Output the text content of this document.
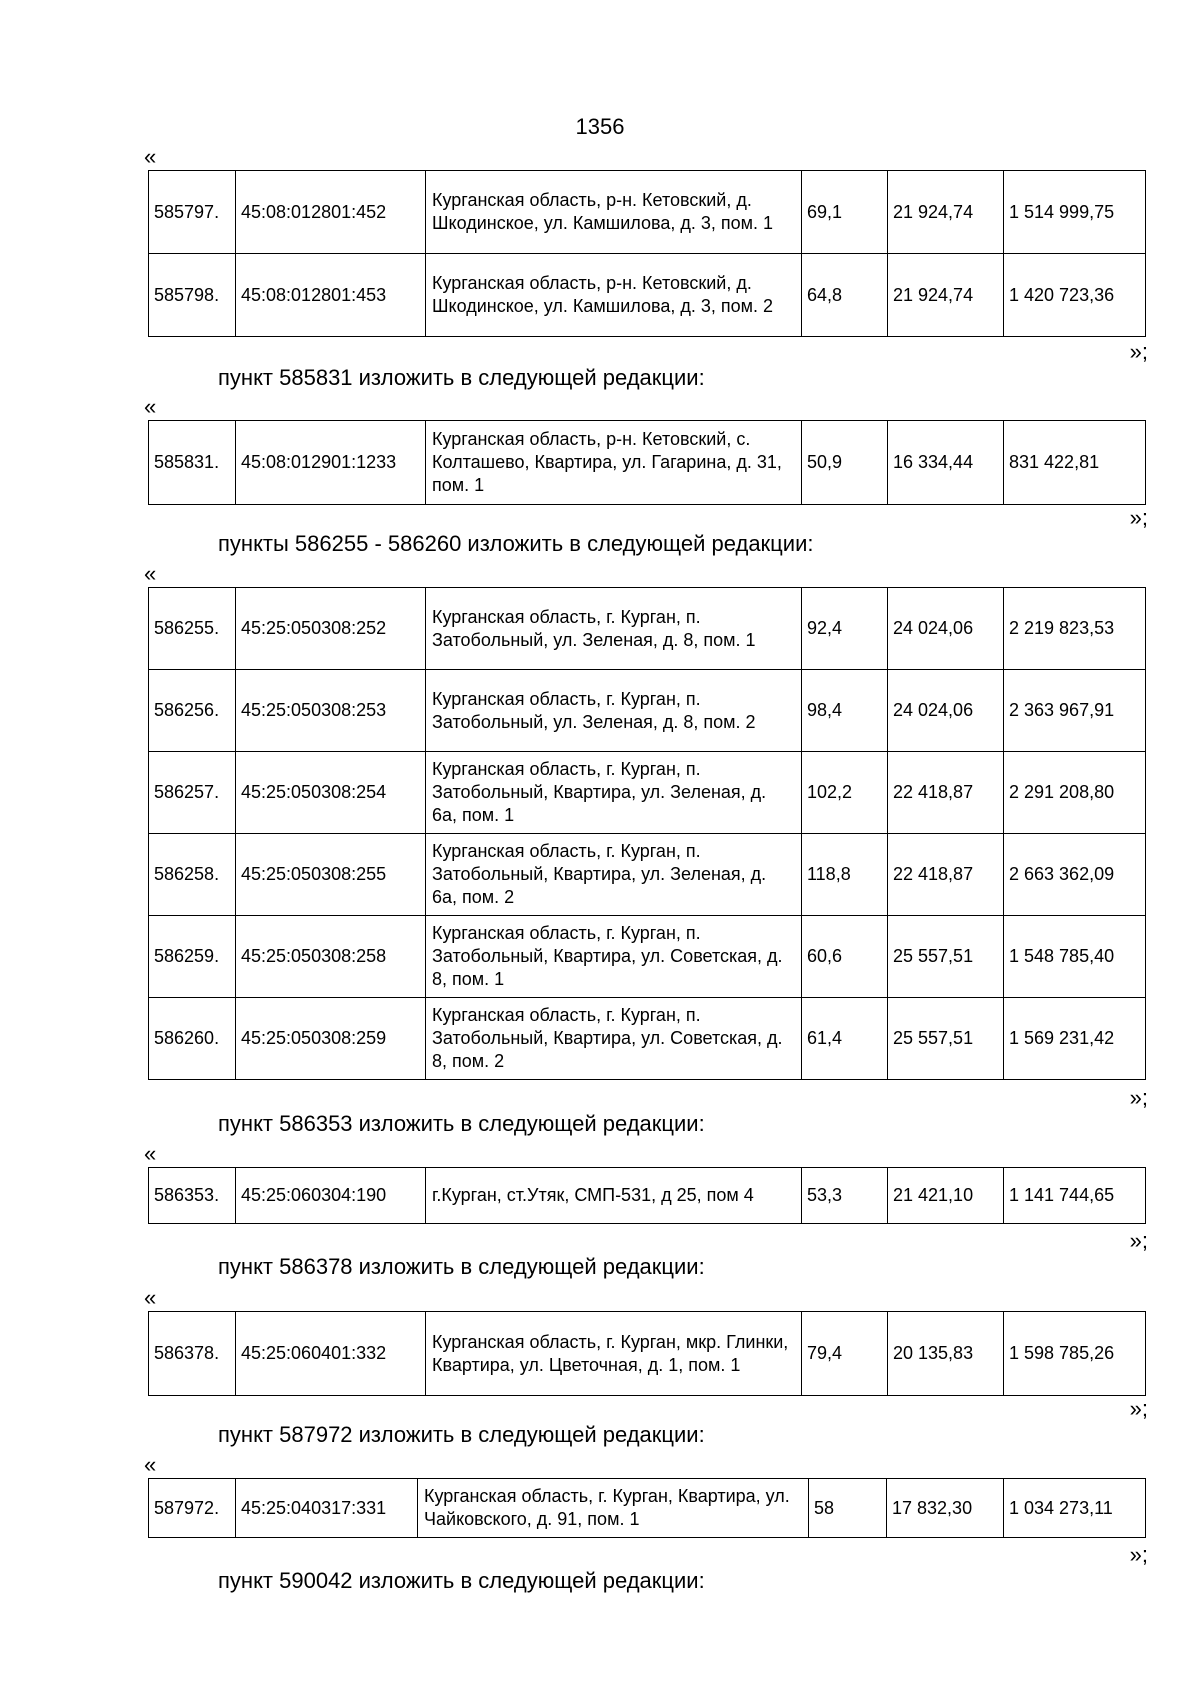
1356
«
585797.	45:08:012801:452	Курганская область, р-н. Кетовский, д. Шкодинское, ул. Камшилова, д. 3, пом. 1	69,1	21 924,74	1 514 999,75
585798.	45:08:012801:453	Курганская область, р-н. Кетовский, д. Шкодинское, ул. Камшилова, д. 3, пом. 2	64,8	21 924,74	1 420 723,36
»;
пункт 585831 изложить в следующей редакции:
«
585831.	45:08:012901:1233	Курганская область, р-н. Кетовский, с. Колташево, Квартира, ул. Гагарина, д. 31, пом. 1	50,9	16 334,44	831 422,81
»;
пункты 586255 - 586260 изложить в следующей редакции:
«
586255.	45:25:050308:252	Курганская область, г. Курган, п. Затобольный, ул. Зеленая, д. 8, пом. 1	92,4	24 024,06	2 219 823,53
586256.	45:25:050308:253	Курганская область, г. Курган, п. Затобольный, ул. Зеленая, д. 8, пом. 2	98,4	24 024,06	2 363 967,91
586257.	45:25:050308:254	Курганская область, г. Курган, п. Затобольный, Квартира, ул. Зеленая, д. 6а, пом. 1	102,2	22 418,87	2 291 208,80
586258.	45:25:050308:255	Курганская область, г. Курган, п. Затобольный, Квартира, ул. Зеленая, д. 6а, пом. 2	118,8	22 418,87	2 663 362,09
586259.	45:25:050308:258	Курганская область, г. Курган, п. Затобольный, Квартира, ул. Советская, д. 8, пом. 1	60,6	25 557,51	1 548 785,40
586260.	45:25:050308:259	Курганская область, г. Курган, п. Затобольный, Квартира, ул. Советская, д. 8, пом. 2	61,4	25 557,51	1 569 231,42
»;
пункт 586353 изложить в следующей редакции:
«
586353.	45:25:060304:190	г.Курган, ст.Утяк, СМП-531, д 25, пом 4	53,3	21 421,10	1 141 744,65
»;
пункт 586378 изложить в следующей редакции:
«
586378.	45:25:060401:332	Курганская область, г. Курган, мкр. Глинки, Квартира, ул. Цветочная, д. 1, пом. 1	79,4	20 135,83	1 598 785,26
»;
пункт 587972 изложить в следующей редакции:
«
587972.	45:25:040317:331	Курганская область, г. Курган, Квартира, ул. Чайковского, д. 91, пом. 1	58	17 832,30	1 034 273,11
»;
пункт 590042 изложить в следующей редакции:
